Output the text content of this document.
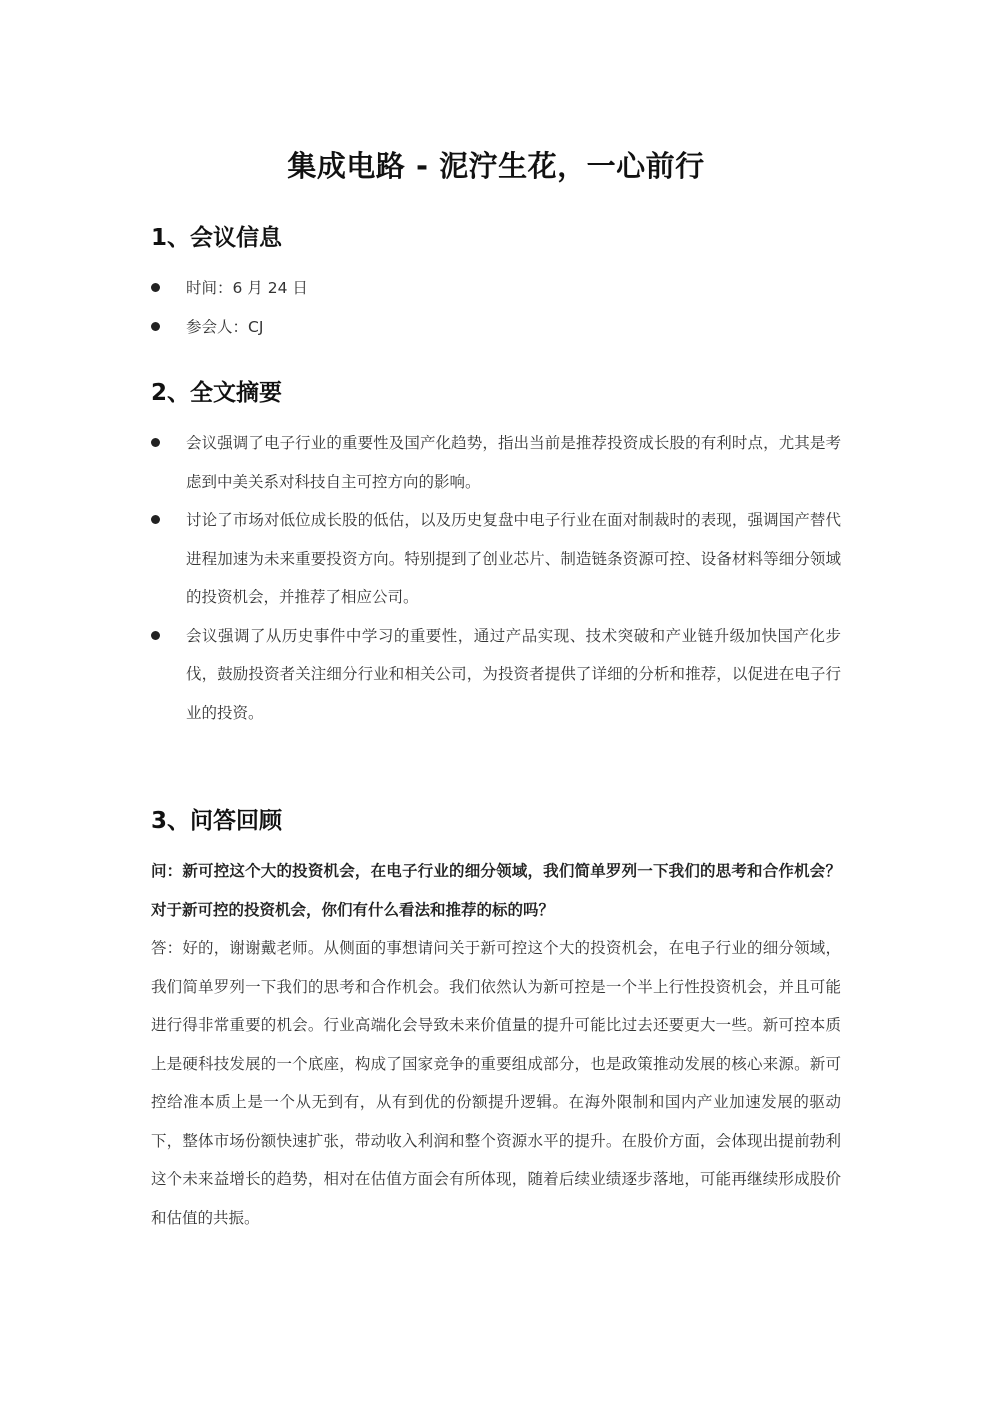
集成电路 - 泥泞生花，一心前行
1、会议信息
时间：6 月 24 日
参会人：CJ
2、全文摘要
会议强调了电子行业的重要性及国产化趋势，指出当前是推荐投资成长股的有利时点，尤其是考虑到中美关系对科技自主可控方向的影响。
讨论了市场对低位成长股的低估，以及历史复盘中电子行业在面对制裁时的表现，强调国产替代进程加速为未来重要投资方向。特别提到了创业芯片、制造链条资源可控、设备材料等细分领域的投资机会，并推荐了相应公司。
会议强调了从历史事件中学习的重要性，通过产品实现、技术突破和产业链升级加快国产化步伐，鼓励投资者关注细分行业和相关公司，为投资者提供了详细的分析和推荐，以促进在电子行业的投资。
3、问答回顾

问：新可控这个大的投资机会，在电子行业的细分领域，我们简单罗列一下我们的思考和合作机会？对于新可控的投资机会，你们有什么看法和推荐的标的吗？

答：好的，谢谢戴老师。从侧面的事想请问关于新可控这个大的投资机会，在电子行业的细分领域，我们简单罗列一下我们的思考和合作机会。我们依然认为新可控是一个半上行性投资机会，并且可能进行得非常重要的机会。行业高端化会导致未来价值量的提升可能比过去还要更大一些。新可控本质上是硬科技发展的一个底座，构成了国家竞争的重要组成部分，也是政策推动发展的核心来源。新可控给准本质上是一个从无到有，从有到优的份额提升逻辑。在海外限制和国内产业加速发展的驱动下，整体市场份额快速扩张，带动收入利润和整个资源水平的提升。在股价方面，会体现出提前勃利这个未来益增长的趋势，相对在估值方面会有所体现，随着后续业绩逐步落地，可能再继续形成股价和估值的共振。
